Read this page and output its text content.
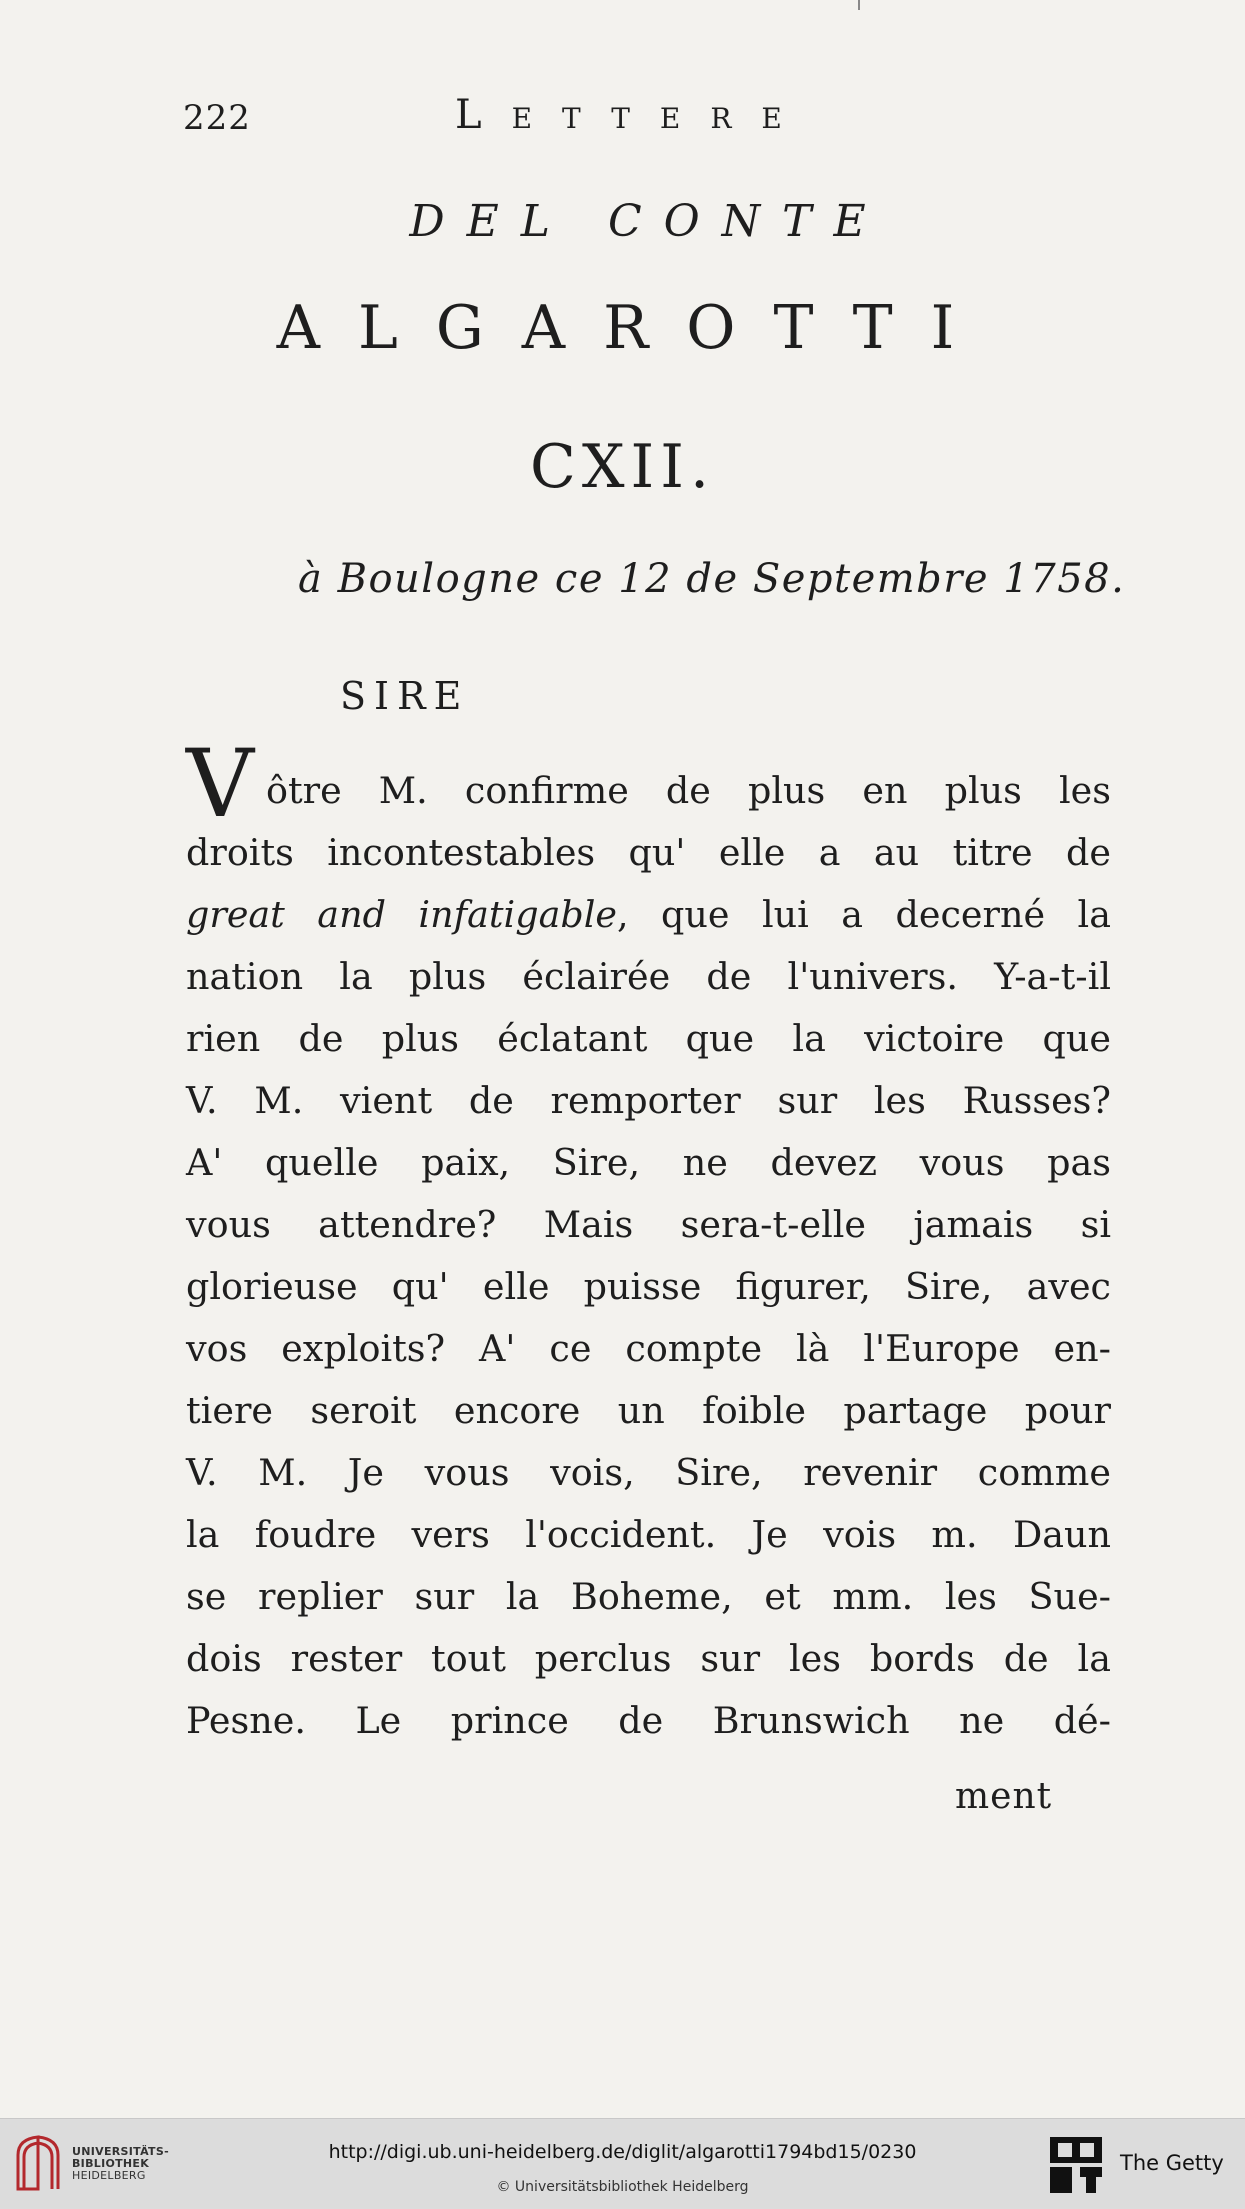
222	Lettere
DEL CONTE
ALGAROTTI
CXII.
à Boulogne ce 12 de Septembre 1758.
SIRE
V ôtre M. confirme de plus en plus les
droits incontestables qu' elle a au titre de
great and infatigable, que lui a decerné la
nation la plus éclairée de l'univers. Y-a-t-il
rien de plus éclatant que la victoire que
V. M. vient de remporter sur les Russes?
A' quelle paix, Sire, ne devez vous pas
vous attendre? Mais sera-t-elle jamais si
glorieuse qu' elle puisse figurer, Sire, avec
vos exploits? A' ce compte là l'Europe en-
tiere seroit encore un foible partage pour
V. M. Je vous vois, Sire, revenir comme
la foudre vers l'occident. Je vois m. Daun
se replier sur la Boheme, et mm. les Sue-
dois rester tout perclus sur les bords de la
Pesne. Le prince de Brunswich ne dé-
ment
UNIVERSITÄTS-
BIBLIOTHEK
HEIDELBERG
http://digi.ub.uni-heidelberg.de/diglit/algarotti1794bd15/0230
© Universitätsbibliothek Heidelberg
The Getty
